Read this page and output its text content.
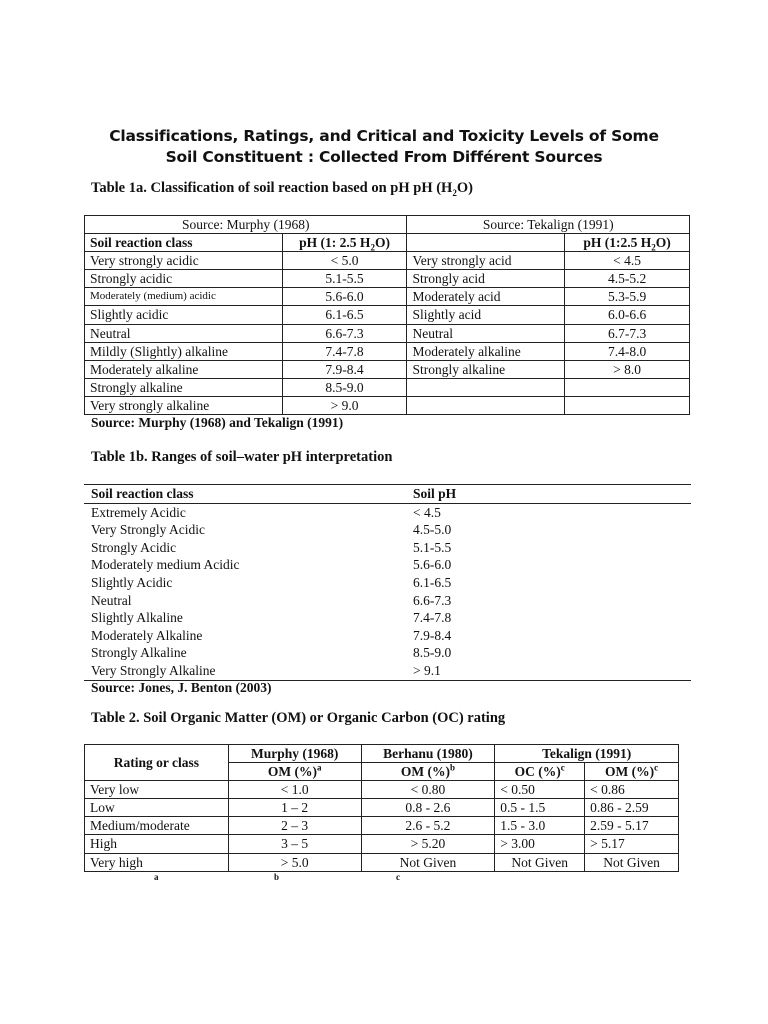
Classifications, Ratings, and Critical and Toxicity Levels of Some
Soil Constituent : Collected From Différent Sources
Table 1a. Classification of soil reaction based on pH pH $(H_2O)$
Source: Murphy (1968)		Source: Tekalign (1991)	
Soil reaction class	pH (1: 2.5 $H_2O$)		pH (1:2.5 $H_2O$)
Very strongly acidic	< 5.0	Very strongly acid	< 4.5
Strongly acidic	5.1-5.5	Strongly acid	4.5-5.2
Moderately (medium) acidic	5.6-6.0	Moderately acid	5.3-5.9
Slightly acidic	6.1-6.5	Slightly acid	6.0-6.6
Neutral	6.6-7.3	Neutral	6.7-7.3
Mildly (Slightly) alkaline	7.4-7.8	Moderately alkaline	7.4-8.0
Moderately alkaline	7.9-8.4	Strongly alkaline	> 8.0
Strongly alkaline	8.5-9.0		
Very strongly alkaline	> 9.0		
Source: Murphy (1968) and Tekalign (1991)
Table 1b. Ranges of soil–water pH interpretation
Soil reaction class	Soil pH
Extremely Acidic	< 4.5
Very Strongly Acidic	4.5-5.0
Strongly Acidic	5.1-5.5
Moderately medium Acidic	5.6-6.0
Slightly Acidic	6.1-6.5
Neutral	6.6-7.3
Slightly Alkaline	7.4-7.8
Moderately Alkaline	7.9-8.4
Strongly Alkaline	8.5-9.0
Very Strongly Alkaline	> 9.1
Source: Jones, J. Benton (2003)
Table 2. Soil Organic Matter (OM) or Organic Carbon (OC) rating
Rating or class	Murphy (1968)	Berhanu (1980)	Tekalign (1991)	
	OM (%)$^a$	OM (%)$^b$	OC (%)$^c$	OM (%)$^c$
Very low	< 1.0	< 0.80	< 0.50	< 0.86
Low	1 – 2	0.8 - 2.6	0.5 - 1.5	0.86 - 2.59
Medium/moderate	2 – 3	2.6 - 5.2	1.5 - 3.0	2.59 - 5.17
High	3 – 5	> 5.20	> 3.00	> 5.17
Very high	> 5.0	Not Given	Not Given	Not Given
a	b	c
